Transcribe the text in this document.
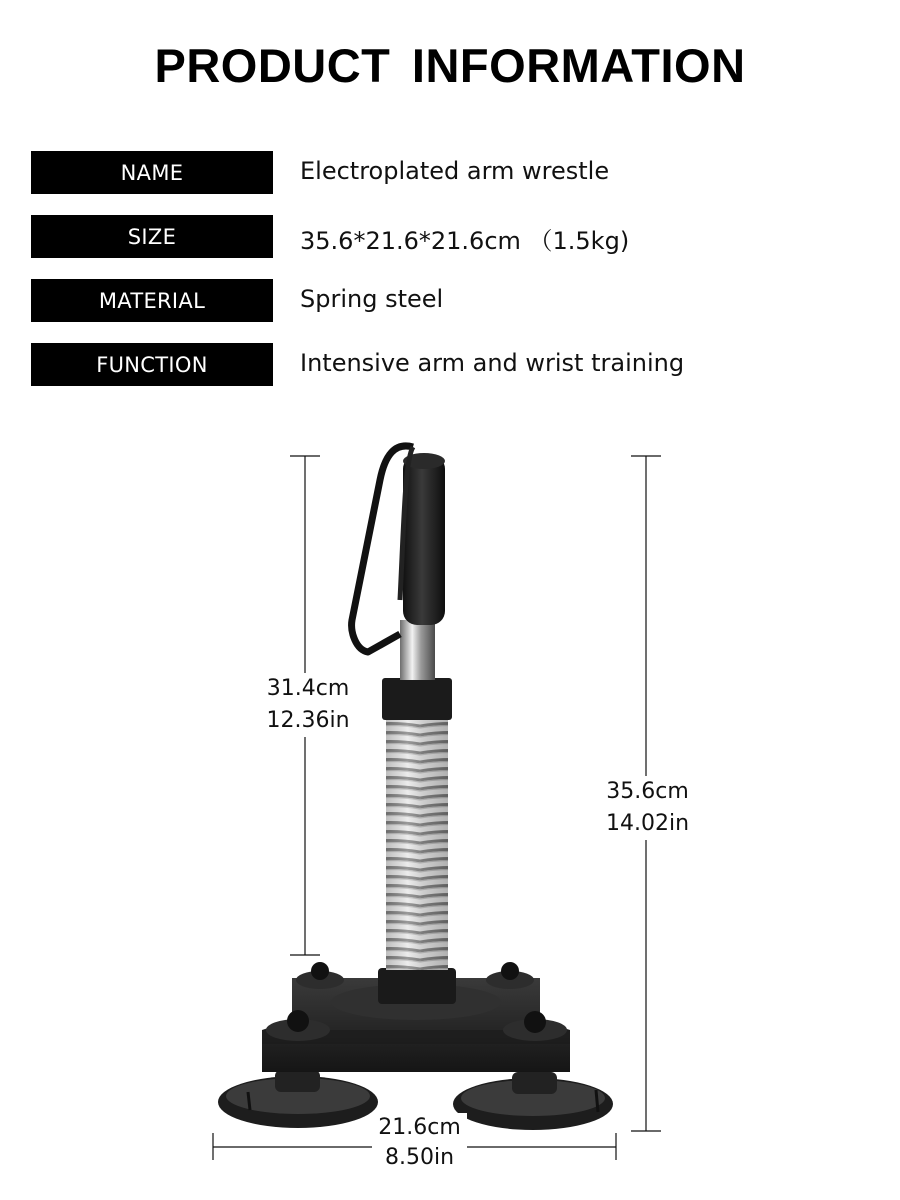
PRODUCT INFORMATION
NAME	Electroplated arm wrestle
SIZE	35.6*21.6*21.6cm （1.5kg)
MATERIAL	Spring steel
FUNCTION	Intensive arm and wrist training
31.4cm
12.36in
35.6cm
14.02in
21.6cm
8.50in
